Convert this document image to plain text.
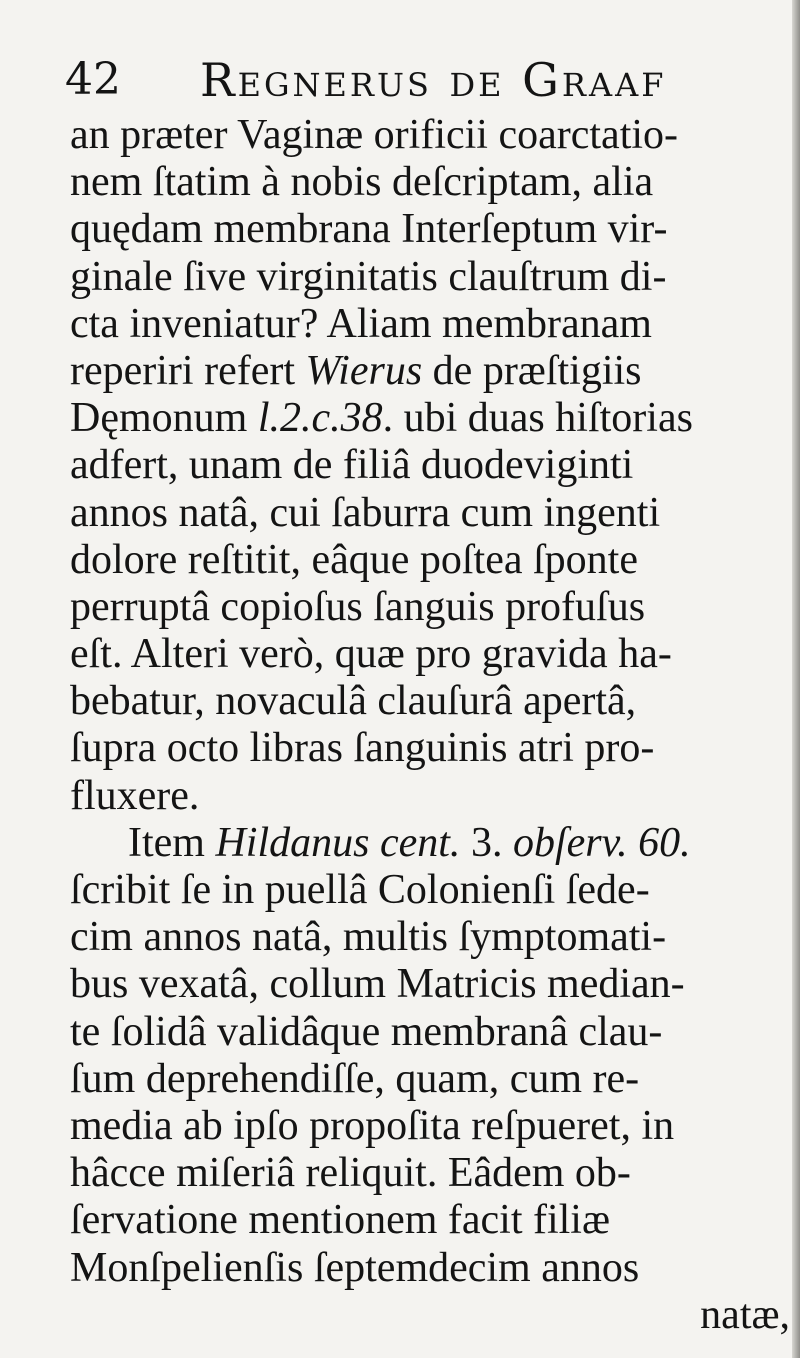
42 Regnerus de Graaf
an præter Vaginæ orificii coarctatio-
nem ſtatim à nobis deſcriptam, alia
quędam membrana Interſeptum vir-
ginale ſive virginitatis clauſtrum di-
cta inveniatur? Aliam membranam
reperiri refert Wierus de præſtigiis
Dęmonum l.2.c.38. ubi duas hiſtorias
adfert, unam de filiâ duodeviginti
annos natâ, cui ſaburra cum ingenti
dolore reſtitit, eâque poſtea ſponte
perruptâ copioſus ſanguis profuſus
eſt. Alteri verò, quæ pro gravida ha-
bebatur, novaculâ clauſurâ apertâ,
ſupra octo libras ſanguinis atri pro-
fluxere.
Item Hildanus cent. 3. obſerv. 60.
ſcribit ſe in puellâ Colonienſi ſede-
cim annos natâ, multis ſymptomati-
bus vexatâ, collum Matricis median-
te ſolidâ validâque membranâ clau-
ſum deprehendiſſe, quam, cum re-
media ab ipſo propoſita reſpueret, in
hâcce miſeriâ reliquit. Eâdem ob-
ſervatione mentionem facit filiæ
Monſpelienſis ſeptemdecim annos
natæ,
